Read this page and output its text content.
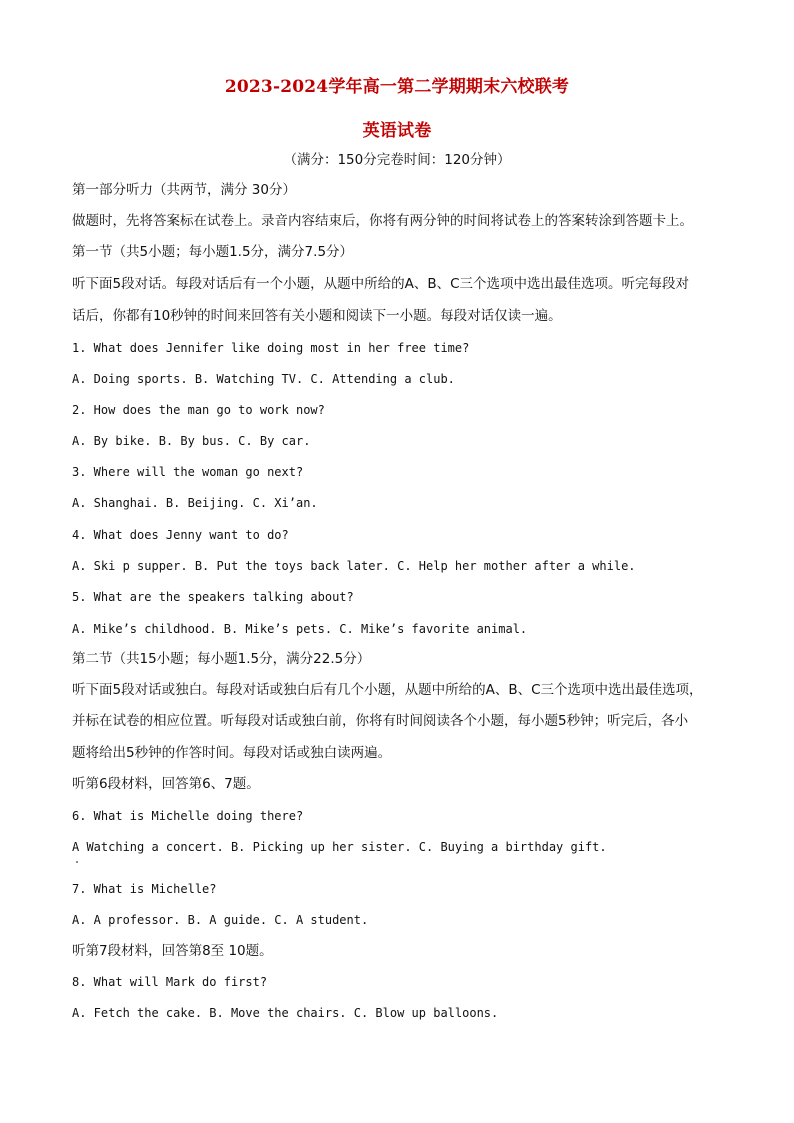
2023-2024学年高一第二学期期末六校联考
英语试卷
（满分：150分完卷时间：120分钟）
第一部分听力（共两节，满分 30分）
做题时，先将答案标在试卷上。录音内容结束后，你将有两分钟的时间将试卷上的答案转涂到答题卡上。
第一节（共5小题；每小题1.5分，满分7.5分）
听下面5段对话。每段对话后有一个小题，从题中所给的A、B、C三个选项中选出最佳选项。听完每段对
话后，你都有10秒钟的时间来回答有关小题和阅读下一小题。每段对话仅读一遍。
1. What does Jennifer like doing most in her free time?
A. Doing sports. B. Watching TV. C. Attending a club.
2. How does the man go to work now?
A. By bike. B. By bus. C. By car.
3. Where will the woman go next?
A. Shanghai. B. Beijing. C. Xi’an.
4. What does Jenny want to do?
A. Ski p supper. B. Put the toys back later. C. Help her mother after a while.
5. What are the speakers talking about?
A. Mike’s childhood. B. Mike’s pets. C. Mike’s favorite animal.
第二节（共15小题；每小题1.5分，满分22.5分）
听下面5段对话或独白。每段对话或独白后有几个小题，从题中所给的A、B、C三个选项中选出最佳选项，
并标在试卷的相应位置。听每段对话或独白前，你将有时间阅读各个小题，每小题5秒钟；听完后，各小
题将给出5秒钟的作答时间。每段对话或独白读两遍。
听第6段材料，回答第6、7题。
6. What is Michelle doing there?
A Watching a concert. B. Picking up her sister. C. Buying a birthday gift.
7. What is Michelle?
A. A professor. B. A guide. C. A student.
听第7段材料，回答第8至 10题。
8. What will Mark do first?
A. Fetch the cake. B. Move the chairs. C. Blow up balloons.
